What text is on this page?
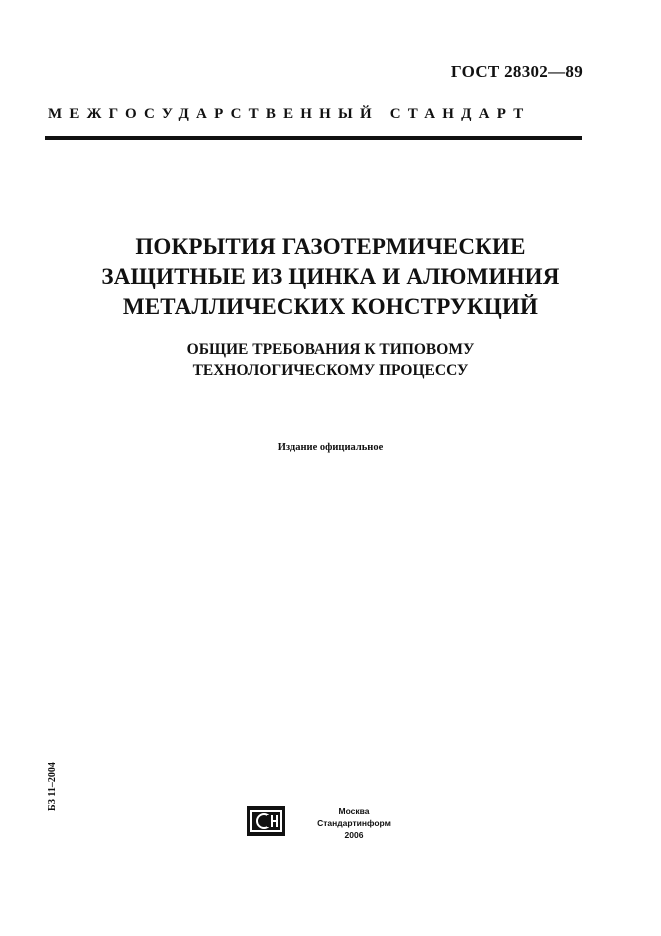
ГОСТ 28302—89
МЕЖГОСУДАРСТВЕННЫЙ СТАНДАРТ
ПОКРЫТИЯ ГАЗОТЕРМИЧЕСКИЕ
ЗАЩИТНЫЕ ИЗ ЦИНКА И АЛЮМИНИЯ
МЕТАЛЛИЧЕСКИХ КОНСТРУКЦИЙ
ОБЩИЕ ТРЕБОВАНИЯ К ТИПОВОМУ
ТЕХНОЛОГИЧЕСКОМУ ПРОЦЕССУ
Издание официальное
БЗ 11–2004	Москва
Стандартинформ
2006
